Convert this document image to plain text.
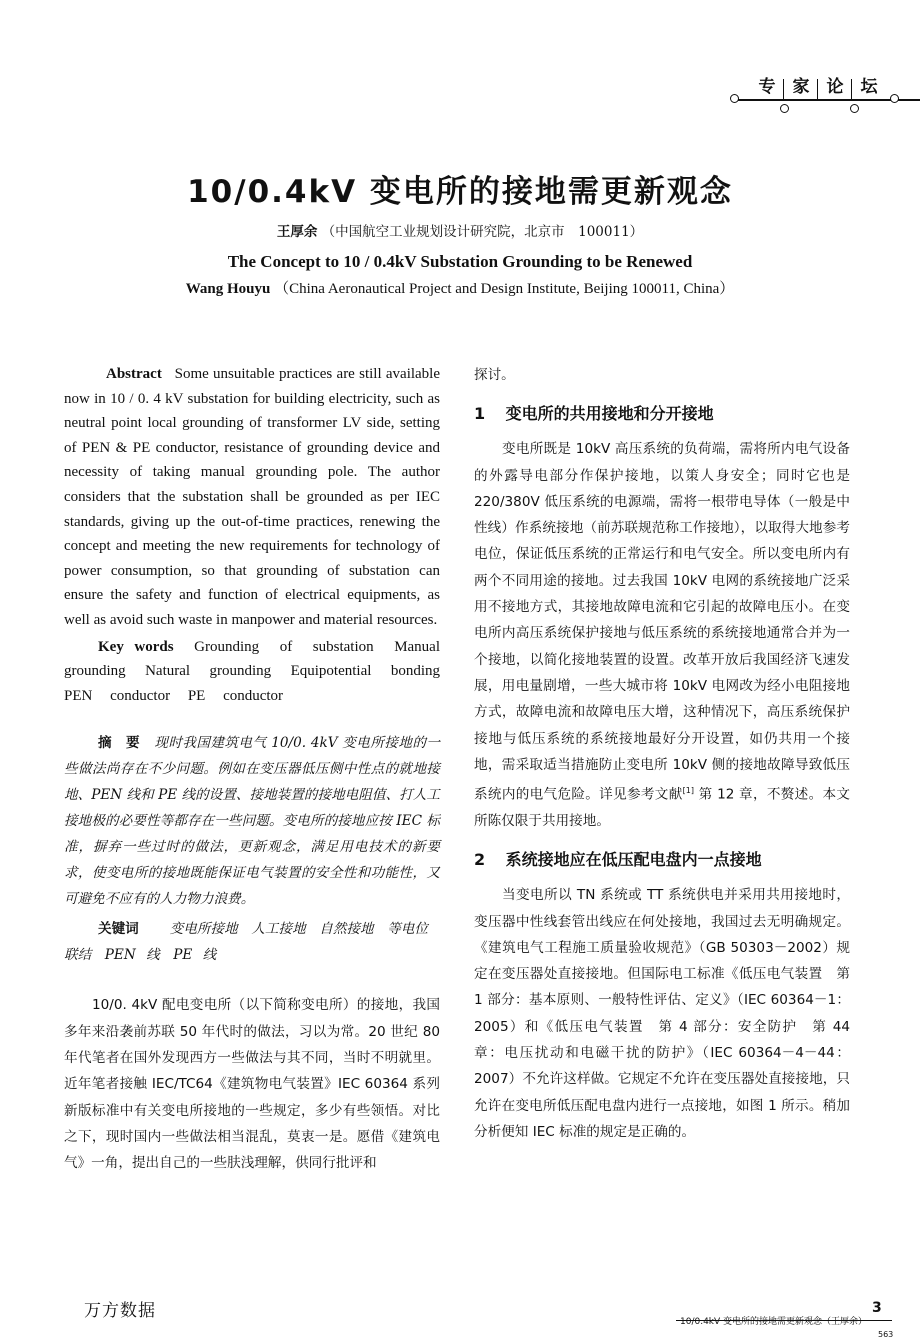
专	家	论	坛
10/0.4kV 变电所的接地需更新观念
王厚余 （中国航空工业规划设计研究院，北京市　100011）
The Concept to 10 / 0.4kV Substation Grounding to be Renewed
Wang Houyu （China Aeronautical Project and Design Institute, Beijing 100011, China）

Abstract Some unsuitable practices are still available now in 10 / 0. 4 kV substation for building electricity, such as neutral point local grounding of transformer LV side, setting of PEN & PE conductor, resistance of grounding device and necessity of taking manual grounding pole. The author considers that the substation shall be grounded as per IEC standards, giving up the out-of-time practices, renewing the concept and meeting the new requirements for technology of power consumption, so that grounding of substation can ensure the safety and function of electrical equipments, as well as avoid such waste in manpower and material resources.

Key words Grounding of substation Manual grounding Natural grounding Equipotential bonding PEN conductor PE conductor

摘　要 现时我国建筑电气 10/0. 4kV 变电所接地的一些做法尚存在不少问题。例如在变压器低压侧中性点的就地接地、PEN 线和 PE 线的设置、接地装置的接地电阻值、打人工接地极的必要性等都存在一些问题。变电所的接地应按 IEC 标准，摒弃一些过时的做法，更新观念，满足用电技术的新要求，使变电所的接地既能保证电气装置的安全性和功能性，又可避免不应有的人力物力浪费。

关键词 变电所接地　人工接地　自然接地　等电位联结　PEN 线　PE 线

10/0. 4kV 配电变电所（以下简称变电所）的接地，我国多年来沿袭前苏联 50 年代时的做法，习以为常。20 世纪 80 年代笔者在国外发现西方一些做法与其不同，当时不明就里。近年笔者接触 IEC/TC64《建筑物电气装置》IEC 60364 系列新版标准中有关变电所接地的一些规定，多少有些领悟。对比之下，现时国内一些做法相当混乱，莫衷一是。愿借《建筑电气》一角，提出自己的一些肤浅理解，供同行批评和

探讨。

1 变电所的共用接地和分开接地

变电所既是 10kV 高压系统的负荷端，需将所内电气设备的外露导电部分作保护接地，以策人身安全；同时它也是 220/380V 低压系统的电源端，需将一根带电导体（一般是中性线）作系统接地（前苏联规范称工作接地），以取得大地参考电位，保证低压系统的正常运行和电气安全。所以变电所内有两个不同用途的接地。过去我国 10kV 电网的系统接地广泛采用不接地方式，其接地故障电流和它引起的故障电压小。在变电所内高压系统保护接地与低压系统的系统接地通常合并为一个接地，以简化接地装置的设置。改革开放后我国经济飞速发展，用电量剧增，一些大城市将 10kV 电网改为经小电阻接地方式，故障电流和故障电压大增，这种情况下，高压系统保护接地与低压系统的系统接地最好分开设置，如仍共用一个接地，需采取适当措施防止变电所 10kV 侧的接地故障导致低压系统内的电气危险。详见参考文献[1] 第 12 章，不赘述。本文所陈仅限于共用接地。

2 系统接地应在低压配电盘内一点接地

当变电所以 TN 系统或 TT 系统供电并采用共用接地时，变压器中性线套管出线应在何处接地，我国过去无明确规定。《建筑电气工程施工质量验收规范》（GB 50303－2002）规定在变压器处直接接地。但国际电工标准《低压电气装置　第 1 部分：基本原则、一般特性评估、定义》（IEC 60364－1：2005）和《低压电气装置　第 4 部分：安全防护　第 44 章：电压扰动和电磁干扰的防护》（IEC 60364－4－44：2007）不允许这样做。它规定不允许在变压器处直接接地，只允许在变电所低压配电盘内进行一点接地，如图 1 所示。稍加分析便知 IEC 标准的规定是正确的。

万方数据
10/0.4kV 变电所的接地需更新观念（王厚余）
3
563
